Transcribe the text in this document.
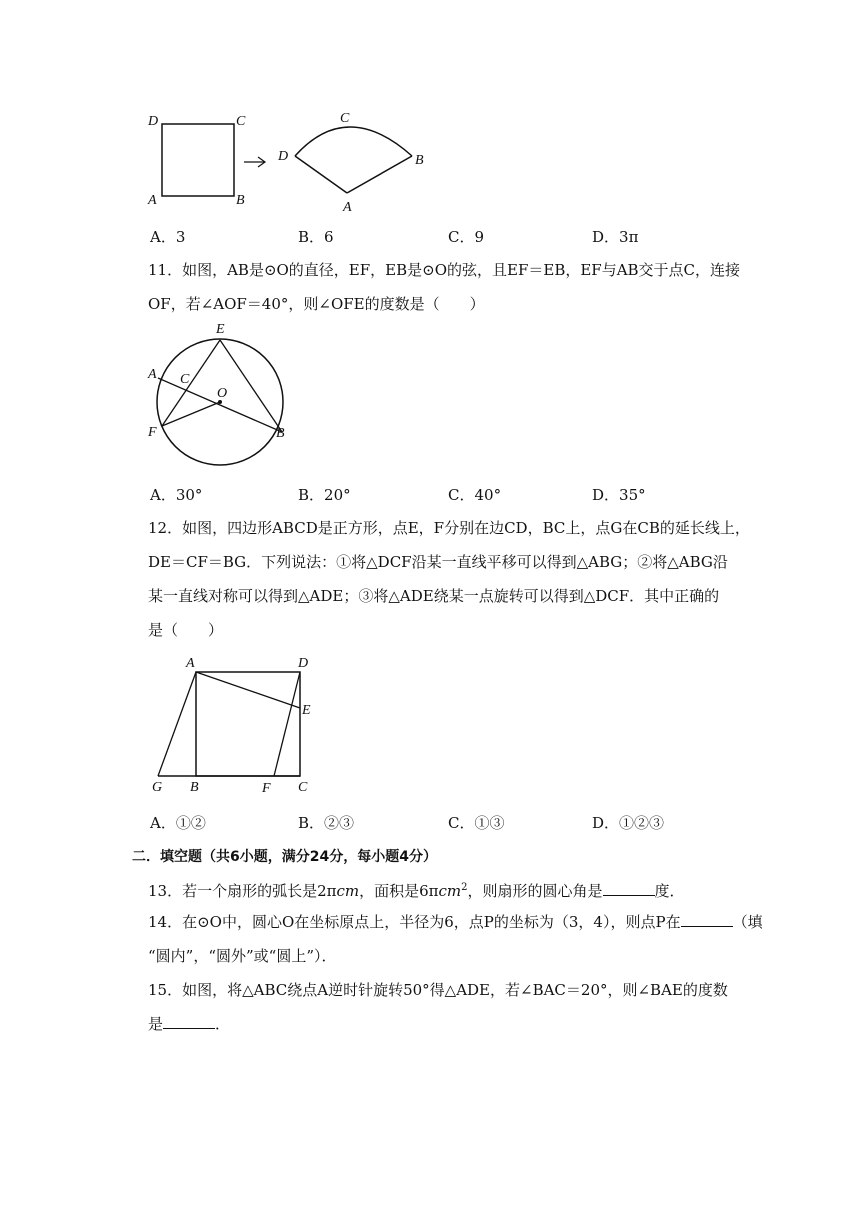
D	C
A	B
C
D	B
A
A．3	B．6	C．9	D．3π
11．如图，AB是⊙O的直径，EF，EB是⊙O的弦，且EF＝EB，EF与AB交于点C，连接
OF，若∠AOF＝40°，则∠OFE的度数是（　　）
E
A C
O
F	B
A．30°	B．20°	C．40°	D．35°
12．如图，四边形ABCD是正方形，点E，F分别在边CD，BC上，点G在CB的延长线上，
DE＝CF＝BG．下列说法：①将△DCF沿某一直线平移可以得到△ABG；②将△ABG沿
某一直线对称可以得到△ADE；③将△ADE绕某一点旋转可以得到△DCF．其中正确的
是（　　）
A	D
E
G B	F C
A．①②	B．②③	C．①③	D．①②③
二．填空题（共6小题，满分24分，每小题4分）
13．若一个扇形的弧长是2πcm，面积是6πcm$^2$，则扇形的圆心角是	度．
14．在⊙O中，圆心O在坐标原点上，半径为6，点P的坐标为（3，4），则点P在	（填
“圆内”，“圆外”或“圆上”）．
15．如图，将△ABC绕点A逆时针旋转50°得△ADE，若∠BAC＝20°，则∠BAE的度数
是	．
